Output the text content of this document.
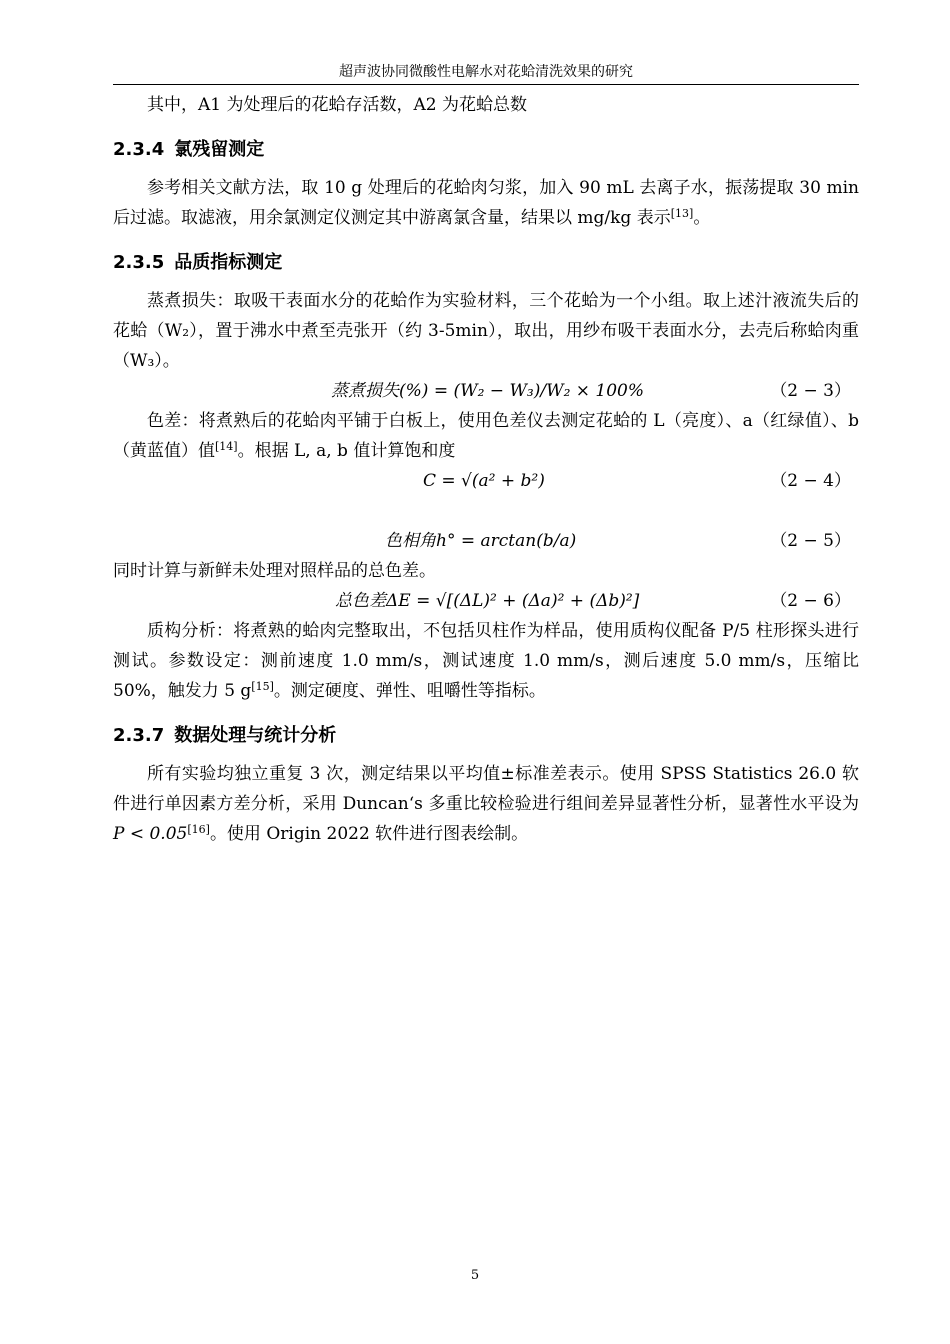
超声波协同微酸性电解水对花蛤清洗效果的研究

其中，A1 为处理后的花蛤存活数，A2 为花蛤总数

2.3.4 氯残留测定

参考相关文献方法，取 10 g 处理后的花蛤肉匀浆，加入 90 mL 去离子水，振荡提取 30 min 后过滤。取滤液，用余氯测定仪测定其中游离氯含量，结果以 mg/kg 表示[13]。

2.3.5 品质指标测定

蒸煮损失：取吸干表面水分的花蛤作为实验材料，三个花蛤为一个小组。取上述汁液流失后的花蛤（W₂），置于沸水中煮至壳张开（约 3-5min），取出，用纱布吸干表面水分，去壳后称蛤肉重（W₃）。

蒸煮损失(%) = (W₂ − W₃)/W₂ × 100%	（2 − 3）

色差：将煮熟后的花蛤肉平铺于白板上，使用色差仪去测定花蛤的 L（亮度）、a（红绿值）、b（黄蓝值）值[14]。根据 L, a, b 值计算饱和度

C = √(a² + b²)	（2 − 4）
色相角h° = arctan(b/a)	（2 − 5）

同时计算与新鲜未处理对照样品的总色差。

总色差ΔE = √[(ΔL)² + (Δa)² + (Δb)²]	（2 − 6）

质构分析：将煮熟的蛤肉完整取出，不包括贝柱作为样品，使用质构仪配备 P/5 柱形探头进行测试。参数设定：测前速度 1.0 mm/s，测试速度 1.0 mm/s，测后速度 5.0 mm/s，压缩比 50%，触发力 5 g[15]。测定硬度、弹性、咀嚼性等指标。

2.3.7 数据处理与统计分析

所有实验均独立重复 3 次，测定结果以平均值±标准差表示。使用 SPSS Statistics 26.0 软件进行单因素方差分析，采用 Duncan‘s 多重比较检验进行组间差异显著性分析，显著性水平设为 P < 0.05[16]。使用 Origin 2022 软件进行图表绘制。

5
